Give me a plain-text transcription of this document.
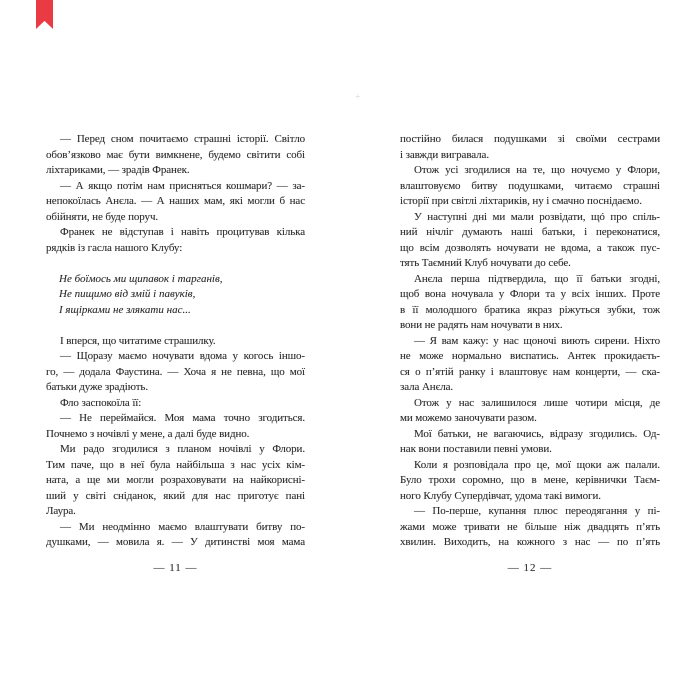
+
— Перед сном почитаємо страшні історії. Світло
обов’язково має бути вимкнене, будемо світити собі
ліхтариками, — зрадів Франек.
— А якщо потім нам присняться кошмари? — за-
непокоїлась Анєла. — А наших мам, які могли б нас
обійняти, не буде поруч.
Франек не відступав і навіть процитував кілька
рядків із гасла нашого Клубу:
Не боїмось ми щипавок і тарганів,
Не пищимо від змій і павуків,
І ящірками не злякати нас...
І вперся, що читатиме страшилку.
— Щоразу маємо ночувати вдома у когось іншо-
го, — додала Фаустина. — Хоча я не певна, що мої
батьки дуже зрадіють.
Фло заспокоїла її:
— Не переймайся. Моя мама точно згодиться.
Почнемо з ночівлі у мене, а далі буде видно.
Ми радо згодилися з планом ночівлі у Флори.
Тим паче, що в неї була найбільша з нас усіх кім-
ната, а ще ми могли розраховувати на найкорисні-
ший у світі сніданок, який для нас приготує пані
Лаура.
— Ми неодмінно маємо влаштувати битву по-
душками, — мовила я. — У дитинстві моя мама
постійно билася подушками зі своїми сестрами
і завжди вигравала.
Отож усі згодилися на те, що ночуємо у Флори,
влаштовуємо битву подушками, читаємо страшні
історії при світлі ліхтариків, ну і смачно поснідаємо.
У наступні дні ми мали розвідати, щó про спіль-
ний нічліг думають наші батьки, і переконатися,
що всім дозволять ночувати не вдома, а також пус-
тять Таємний Клуб ночувати до себе.
Анєла перша підтвердила, що її батьки згодні,
щоб вона ночувала у Флори та у всіх інших. Проте
в її молодшого братика якраз ріжуться зубки, тож
вони не радять нам ночувати в них.
— Я вам кажу: у нас щоночі виють сирени. Ніхто
не може нормально виспатись. Антек прокидаєть-
ся о п’ятій ранку і влаштовує нам концерти, — ска-
зала Анєла.
Отож у нас залишилося лише чотири місця, де
ми можемо заночувати разом.
Мої батьки, не вагаючись, відразу згодились. Од-
нак вони поставили певні умови.
Коли я розповідала про це, мої щоки аж палали.
Було трохи соромно, що в мене, керівнички Таєм-
ного Клубу Супердівчат, удома такі вимоги.
— По-перше, купання плюс переодягання у пі-
жами може тривати не більше ніж двадцять п’ять
хвилин. Виходить, на кожного з нас — по п’ять
— 11 —	— 12 —
